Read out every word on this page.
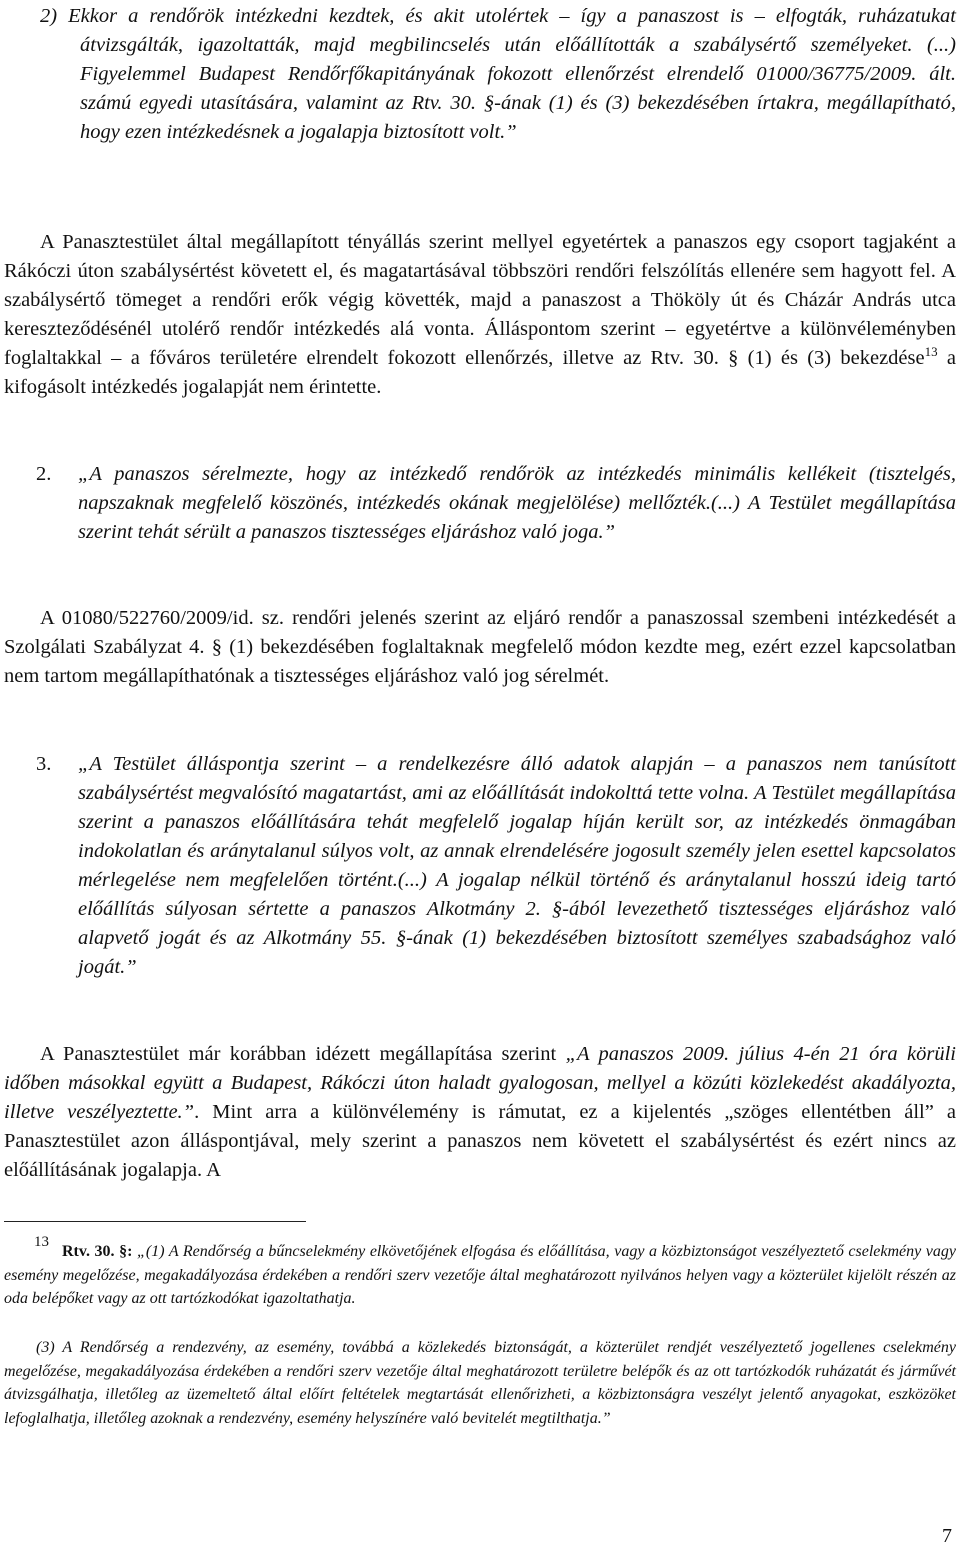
2) Ekkor a rendőrök intézkedni kezdtek, és akit utolértek – így a panaszost is – elfogták, ruházatukat átvizsgálták, igazoltatták, majd megbilincselés után előállították a szabálysértő személyeket. (...) Figyelemmel Budapest Rendőrfőkapitányának fokozott ellenőrzést elrendelő 01000/36775/2009. ált. számú egyedi utasítására, valamint az Rtv. 30. §-ának (1) és (3) bekezdésében írtakra, megállapítható, hogy ezen intézkedésnek a jogalapja biztosított volt.”

A Panasztestület által megállapított tényállás szerint mellyel egyetértek a panaszos egy csoport tagjaként a Rákóczi úton szabálysértést követett el, és magatartásával többszöri rendőri felszólítás ellenére sem hagyott fel. A szabálysértő tömeget a rendőri erők végig követték, majd a panaszost a Thököly út és Cházár András utca kereszteződésénél utolérő rendőr intézkedés alá vonta. Álláspontom szerint – egyetértve a különvéleményben foglaltakkal – a főváros területére elrendelt fokozott ellenőrzés, illetve az Rtv. 30. § (1) és (3) bekezdése$^{13}$ a kifogásolt intézkedés jogalapját nem érintette.

2.	„A panaszos sérelmezte, hogy az intézkedő rendőrök az intézkedés minimális kellékeit (tisztelgés, napszaknak megfelelő köszönés, intézkedés okának megjelölése) mellőzték.(...) A Testület megállapítása szerint tehát sérült a panaszos tisztességes eljáráshoz való joga.”

A 01080/522760/2009/id. sz. rendőri jelenés szerint az eljáró rendőr a panaszossal szembeni intézkedését a Szolgálati Szabályzat 4. § (1) bekezdésében foglaltaknak megfelelő módon kezdte meg, ezért ezzel kapcsolatban nem tartom megállapíthatónak a tisztességes eljáráshoz való jog sérelmét.

3.	„A Testület álláspontja szerint – a rendelkezésre álló adatok alapján – a panaszos nem tanúsított szabálysértést megvalósító magatartást, ami az előállítását indokolttá tette volna. A Testület megállapítása szerint a panaszos előállítására tehát megfelelő jogalap híján került sor, az intézkedés önmagában indokolatlan és aránytalanul súlyos volt, az annak elrendelésére jogosult személy jelen esettel kapcsolatos mérlegelése nem megfelelően történt.(...) A jogalap nélkül történő és aránytalanul hosszú ideig tartó előállítás súlyosan sértette a panaszos Alkotmány 2. §-ából levezethető tisztességes eljáráshoz való alapvető jogát és az Alkotmány 55. §-ának (1) bekezdésében biztosított személyes szabadsághoz való jogát.”

A Panasztestület már korábban idézett megállapítása szerint „A panaszos 2009. július 4-én 21 óra körüli időben másokkal együtt a Budapest, Rákóczi úton haladt gyalogosan, mellyel a közúti közlekedést akadályozta, illetve veszélyeztette.”. Mint arra a különvélemény is rámutat, ez a kijelentés „szöges ellentétben áll” a Panasztestület azon álláspontjával, mely szerint a panaszos nem követett el szabálysértést és ezért nincs az előállításának jogalapja. A

13

Rtv. 30. §: „(1) A Rendőrség a bűncselekmény elkövetőjének elfogása és előállítása, vagy a közbiztonságot veszélyeztető cselekmény vagy esemény megelőzése, megakadályozása érdekében a rendőri szerv vezetője által meghatározott nyilvános helyen vagy a közterület kijelölt részén az oda belépőket vagy az ott tartózkodókat igazoltathatja.

(3) A Rendőrség a rendezvény, az esemény, továbbá a közlekedés biztonságát, a közterület rendjét veszélyeztető jogellenes cselekmény megelőzése, megakadályozása érdekében a rendőri szerv vezetője által meghatározott területre belépők és az ott tartózkodók ruházatát és járművét átvizsgálhatja, illetőleg az üzemeltető által előírt feltételek megtartását ellenőrizheti, a közbiztonságra veszélyt jelentő anyagokat, eszközöket lefoglalhatja, illetőleg azoknak a rendezvény, esemény helyszínére való bevitelét megtilthatja.”

7
